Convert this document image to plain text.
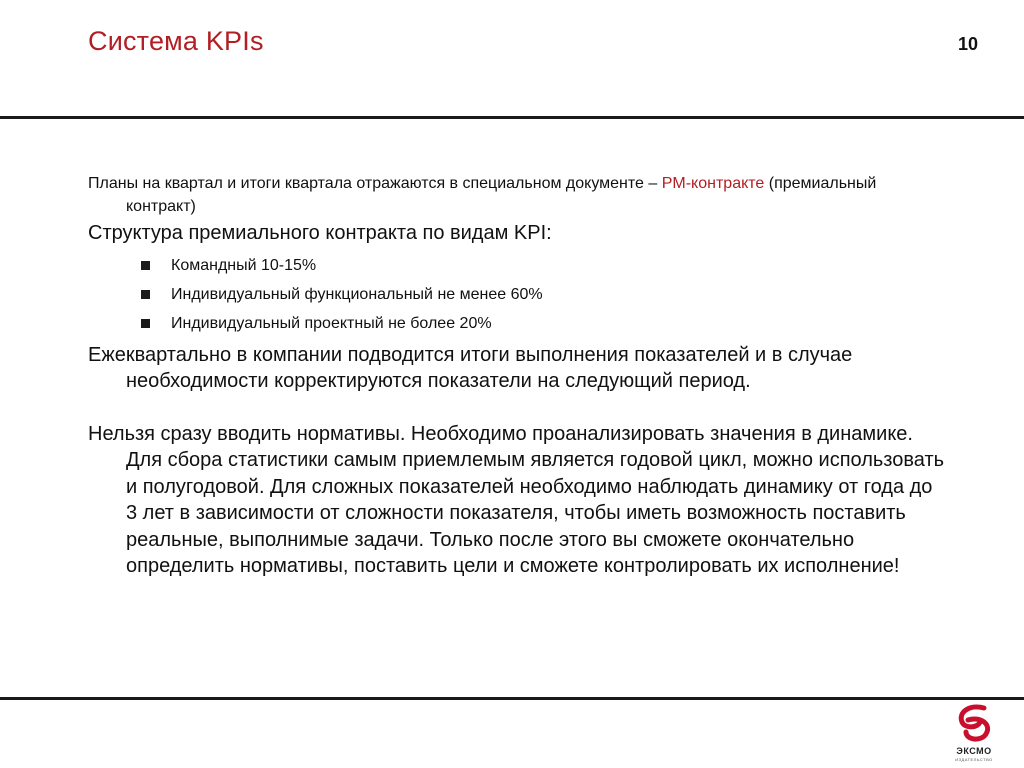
Система KPIs	10

Планы на квартал и итоги квартала отражаются в специальном документе – PM-контракте (премиальный контракт)

Структура премиального контракта по видам KPI:

Командный 10-15%
Индивидуальный функциональный не менее 60%
Индивидуальный проектный не более 20%

Ежеквартально в компании подводится итоги выполнения показателей и в случае необходимости корректируются показатели на следующий период.

Нельзя сразу вводить нормативы. Необходимо проанализировать значения в динамике. Для сбора статистики самым приемлемым является годовой цикл, можно использовать и полугодовой. Для сложных показателей необходимо наблюдать динамику от года до 3 лет в зависимости от сложности показателя, чтобы иметь возможность поставить реальные, выполнимые задачи. Только после этого вы сможете окончательно определить нормативы, поставить цели и сможете контролировать их исполнение!

ЭКСМО
ИЗДАТЕЛЬСТВО
